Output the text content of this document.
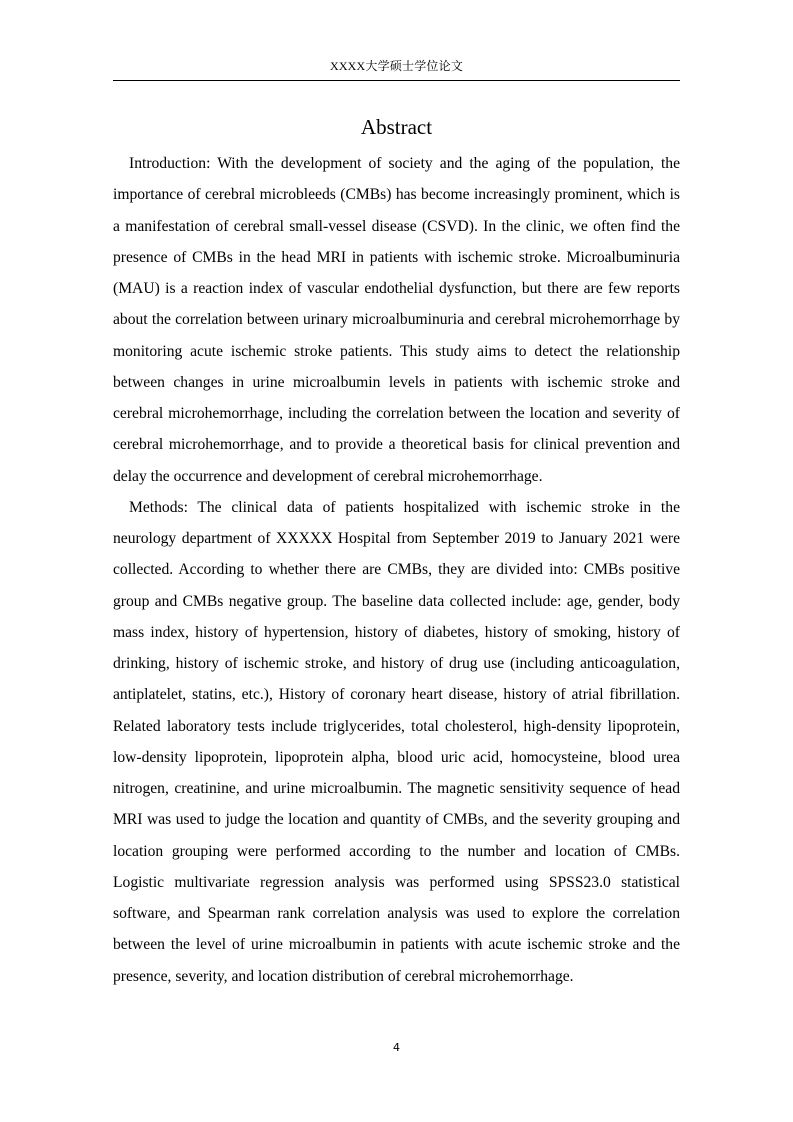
XXXX大学硕士学位论文
Abstract

Introduction: With the development of society and the aging of the population, the importance of cerebral microbleeds (CMBs) has become increasingly prominent, which is a manifestation of cerebral small-vessel disease (CSVD). In the clinic, we often find the presence of CMBs in the head MRI in patients with ischemic stroke. Microalbuminuria (MAU) is a reaction index of vascular endothelial dysfunction, but there are few reports about the correlation between urinary microalbuminuria and cerebral microhemorrhage by monitoring acute ischemic stroke patients. This study aims to detect the relationship between changes in urine microalbumin levels in patients with ischemic stroke and cerebral microhemorrhage, including the correlation between the location and severity of cerebral microhemorrhage, and to provide a theoretical basis for clinical prevention and delay the occurrence and development of cerebral microhemorrhage.

Methods: The clinical data of patients hospitalized with ischemic stroke in the neurology department of XXXXX Hospital from September 2019 to January 2021 were collected. According to whether there are CMBs, they are divided into: CMBs positive group and CMBs negative group. The baseline data collected include: age, gender, body mass index, history of hypertension, history of diabetes, history of smoking, history of drinking, history of ischemic stroke, and history of drug use (including anticoagulation, antiplatelet, statins, etc.), History of coronary heart disease, history of atrial fibrillation. Related laboratory tests include triglycerides, total cholesterol, high-density lipoprotein, low-density lipoprotein, lipoprotein alpha, blood uric acid, homocysteine, blood urea nitrogen, creatinine, and urine microalbumin. The magnetic sensitivity sequence of head MRI was used to judge the location and quantity of CMBs, and the severity grouping and location grouping were performed according to the number and location of CMBs. Logistic multivariate regression analysis was performed using SPSS23.0 statistical software, and Spearman rank correlation analysis was used to explore the correlation between the level of urine microalbumin in patients with acute ischemic stroke and the presence, severity, and location distribution of cerebral microhemorrhage.

4
